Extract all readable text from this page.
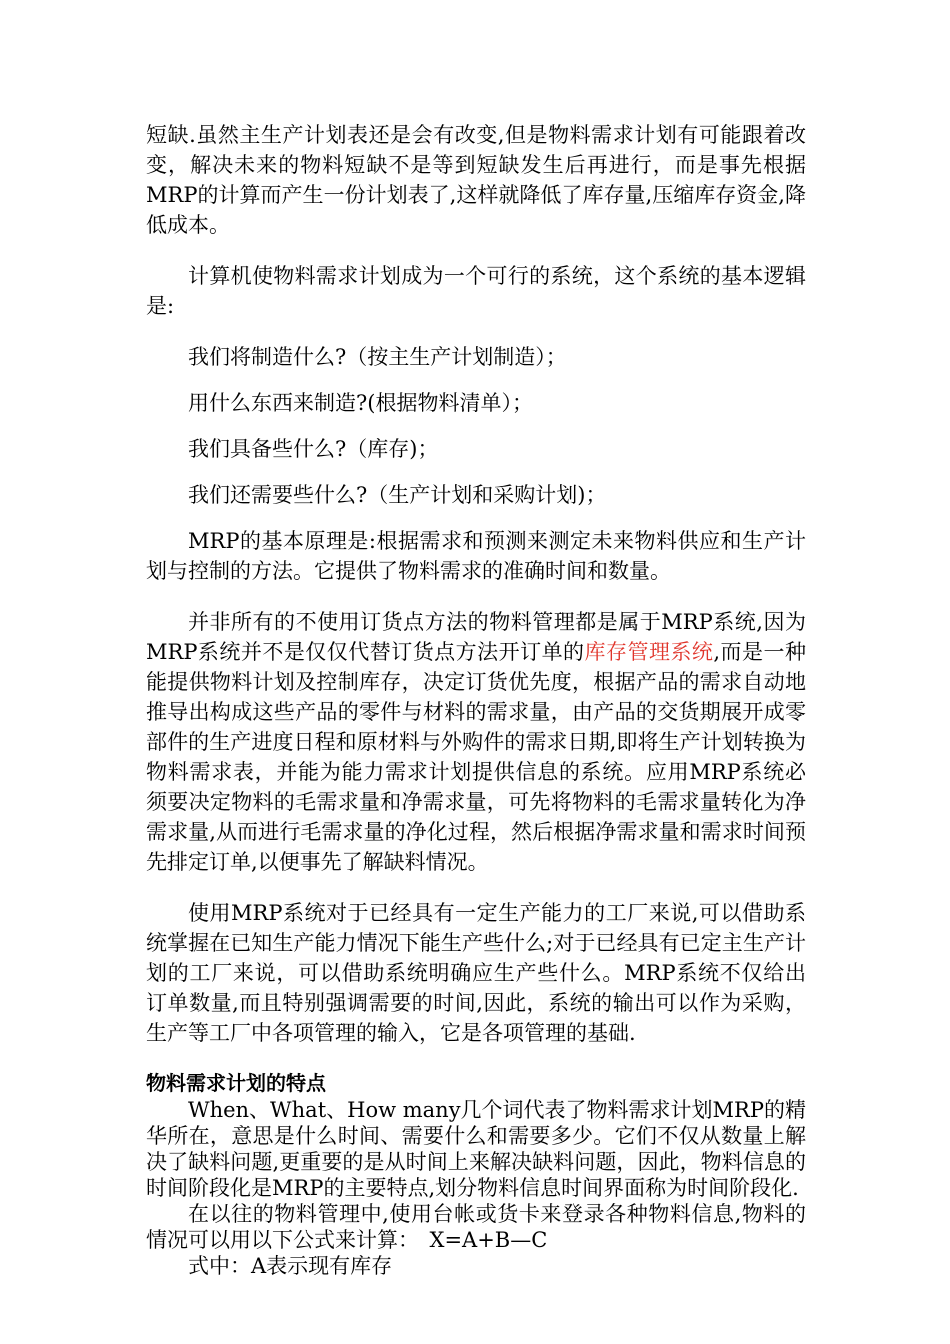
短缺.虽然主生产计划表还是会有改变,但是物料需求计划有可能跟着改变，解决未来的物料短缺不是等到短缺发生后再进行，而是事先根据MRP的计算而产生一份计划表了,这样就降低了库存量,压缩库存资金,降低成本。

计算机使物料需求计划成为一个可行的系统，这个系统的基本逻辑是:

我们将制造什么?（按主生产计划制造）；

用什么东西来制造?(根据物料清单）；

我们具备些什么?（库存)；

我们还需要些什么?（生产计划和采购计划)；

MRP的基本原理是:根据需求和预测来测定未来物料供应和生产计划与控制的方法。它提供了物料需求的准确时间和数量。

并非所有的不使用订货点方法的物料管理都是属于MRP系统,因为MRP系统并不是仅仅代替订货点方法开订单的库存管理系统,而是一种能提供物料计划及控制库存，决定订货优先度，根据产品的需求自动地推导出构成这些产品的零件与材料的需求量，由产品的交货期展开成零部件的生产进度日程和原材料与外购件的需求日期,即将生产计划转换为物料需求表，并能为能力需求计划提供信息的系统。应用MRP系统必须要决定物料的毛需求量和净需求量，可先将物料的毛需求量转化为净需求量,从而进行毛需求量的净化过程，然后根据净需求量和需求时间预先排定订单,以便事先了解缺料情况。

使用MRP系统对于已经具有一定生产能力的工厂来说,可以借助系统掌握在已知生产能力情况下能生产些什么;对于已经具有已定主生产计划的工厂来说，可以借助系统明确应生产些什么。MRP系统不仅给出订单数量,而且特别强调需要的时间,因此，系统的输出可以作为采购，生产等工厂中各项管理的输入，它是各项管理的基础.

物料需求计划的特点

When、What、How many几个词代表了物料需求计划MRP的精华所在，意思是什么时间、需要什么和需要多少。它们不仅从数量上解决了缺料问题,更重要的是从时间上来解决缺料问题，因此，物料信息的时间阶段化是MRP的主要特点,划分物料信息时间界面称为时间阶段化.

在以往的物料管理中,使用台帐或货卡来登录各种物料信息,物料的情况可以用以下公式来计算：　X=A+B—C

式中：A表示现有库存
